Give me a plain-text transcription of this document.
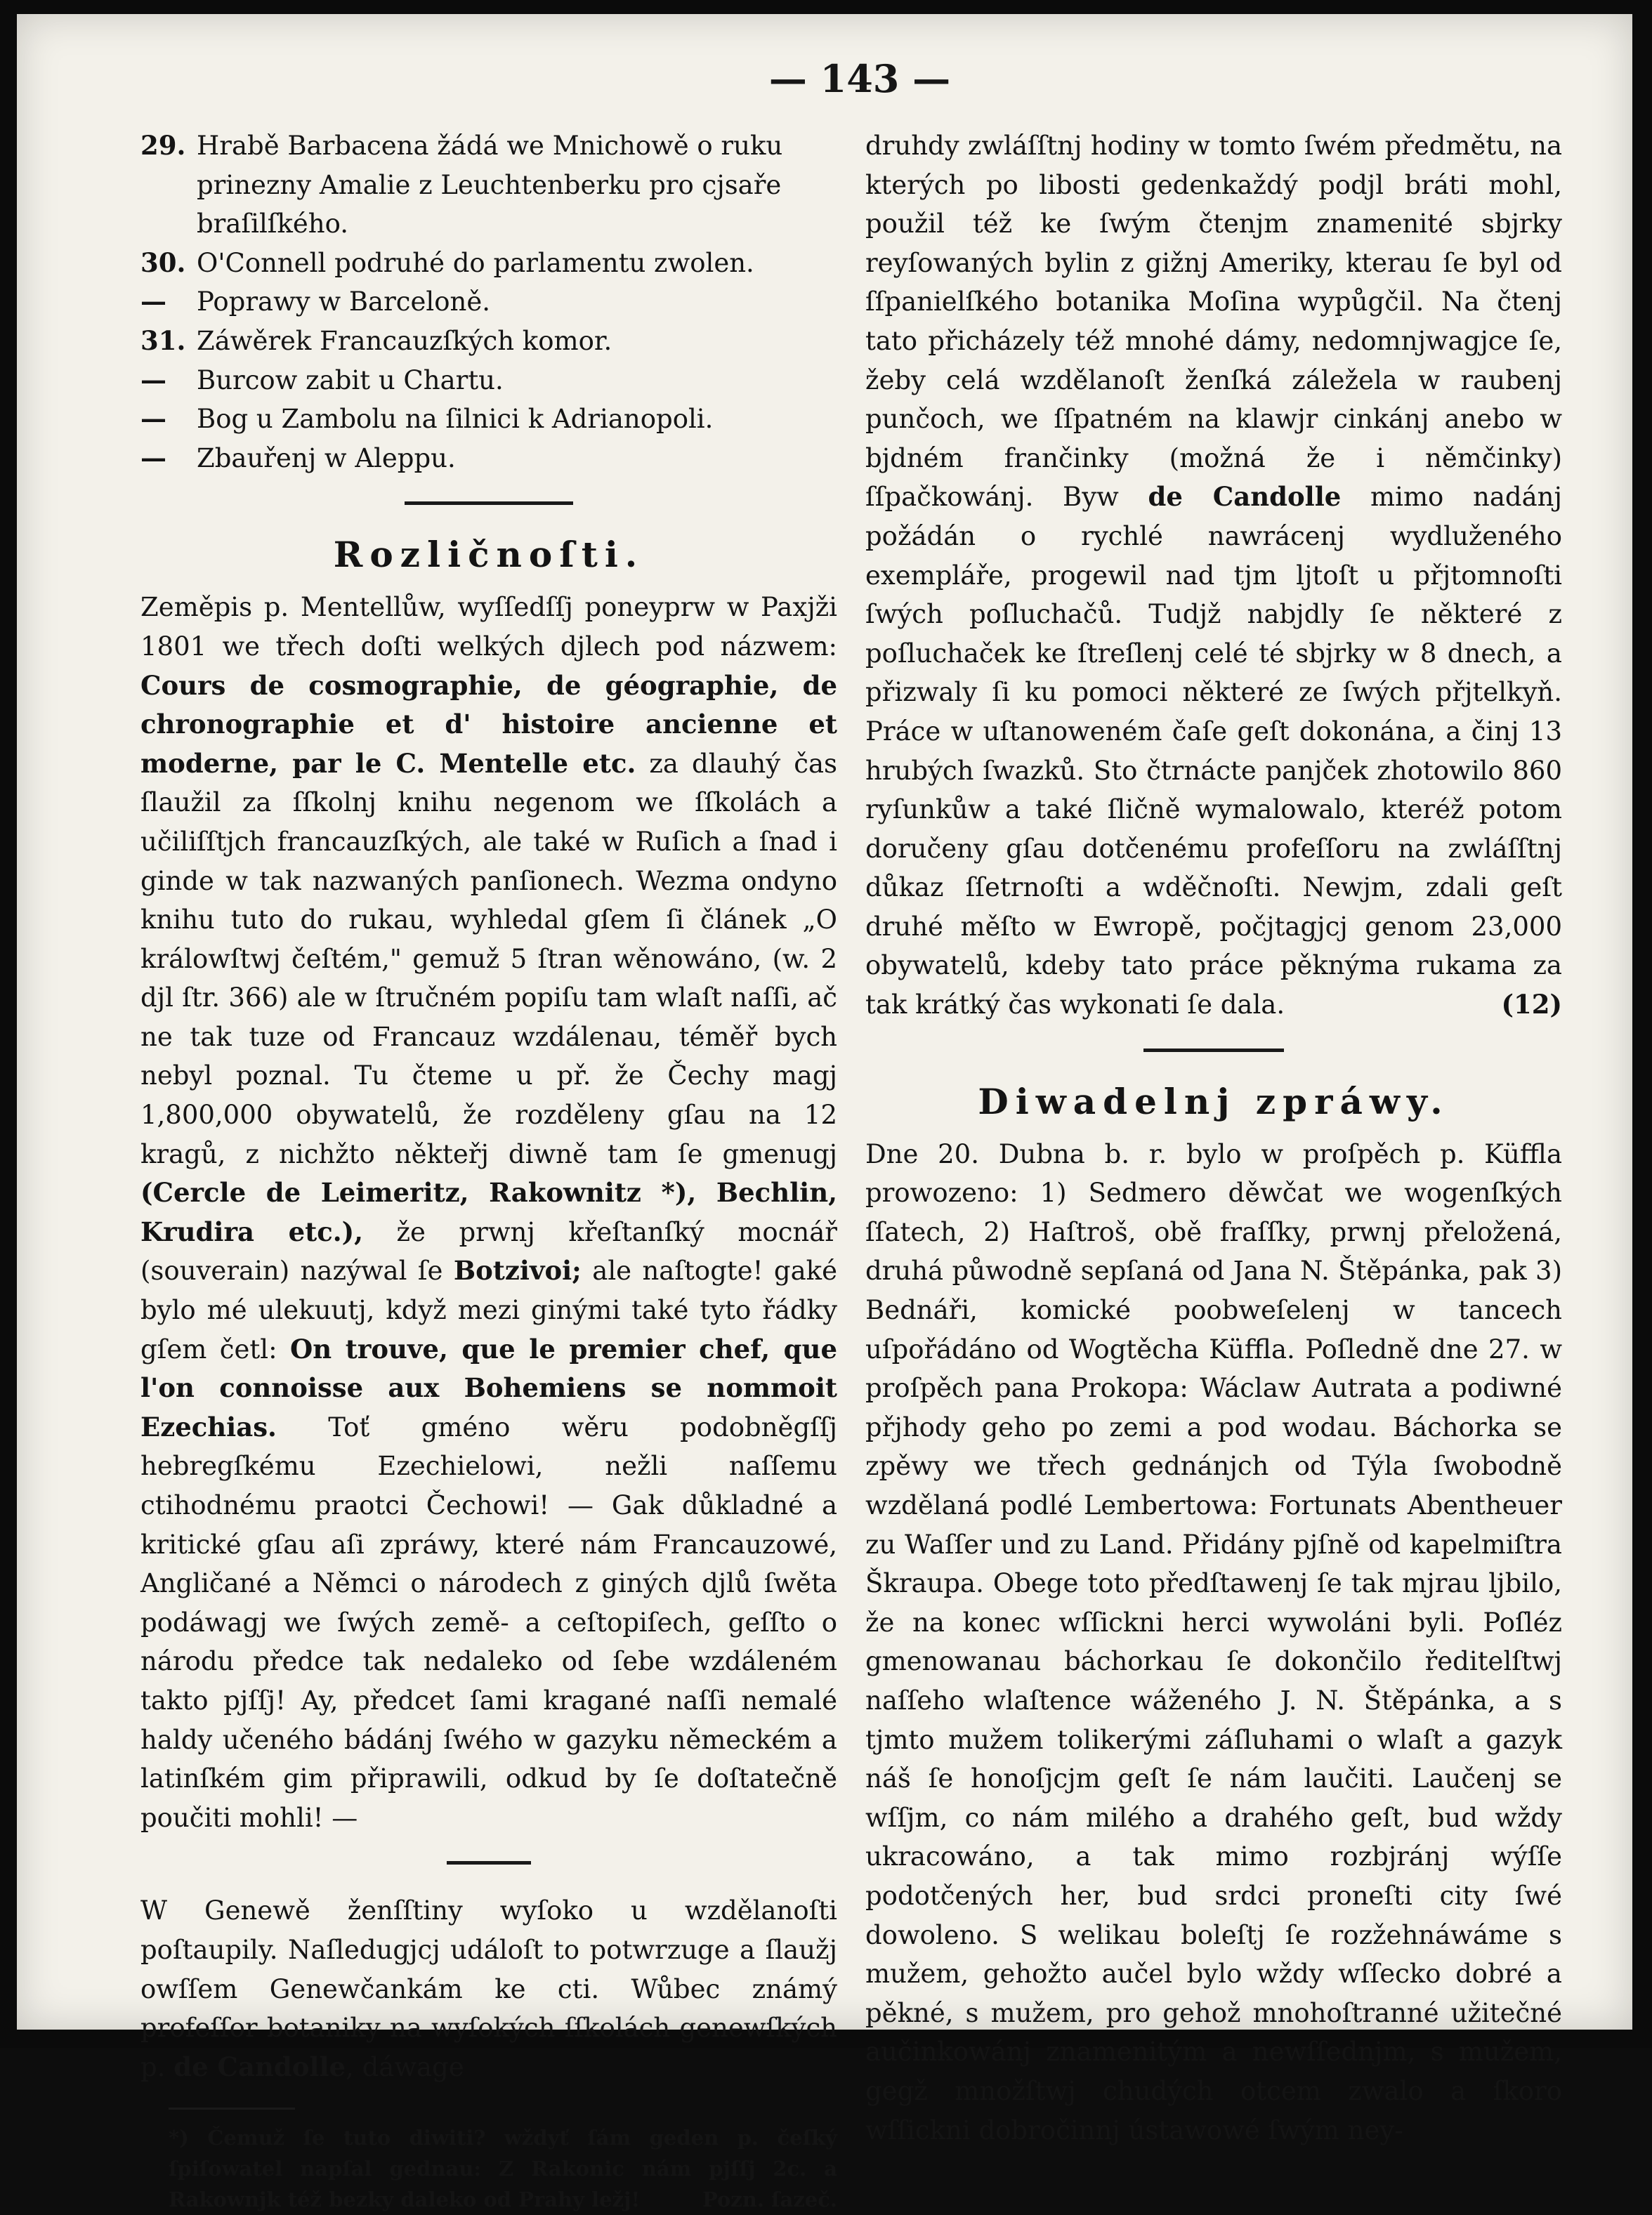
— 143 —
29. Hrabě Barbacena žádá we Mnichowě o ruku prinezny Amalie z Leuchtenberku pro cjsaře braſilſkého.
30. O'Connell podruhé do parlamentu zwolen.
—	Poprawy w Barceloně.
31. Záwěrek Francauzſkých komor.
—	Burcow zabit u Chartu.
—	Bog u Zambolu na ſilnici k Adrianopoli.
—	Zbauřenj w Aleppu.
Rozličnoſti.

Zeměpis p. Mentellůw, wyſſedſſj poneyprw w Paxjži 1801 we třech doſti welkých djlech pod názwem: Cours de cosmographie, de géographie, de chronographie et d' histoire ancienne et moderne, par le C. Mentelle etc. za dlauhý čas ſlaužil za ſſkolnj knihu negenom we ſſkolách a učiliſſtjch francauzſkých, ale také w Ruſich a ſnad i ginde w tak nazwaných panſionech. Wezma ondyno knihu tuto do rukau, wyhledal gſem ſi článek „O králowſtwj čeſtém," gemuž 5 ſtran wěnowáno, (w. 2 djl ſtr. 366) ale w ſtručném popiſu tam wlaſt naſſi, ač ne tak tuze od Francauz wzdálenau, téměř bych nebyl poznal. Tu čteme u př. že Čechy magj 1,800,000 obywatelů, že rozděleny gſau na 12 kragů, z nichžto někteřj diwně tam ſe gmenugj (Cercle de Leimeritz, Rakownitz *), Bechlin, Krudira etc.), že prwnj křeſtanſký mocnář (souverain) nazýwal ſe Botzivoi; ale naſtogte! gaké bylo mé ulekuutj, když mezi ginými také tyto řádky gſem četl: On trouve, que le premier chef, que l'on connoisse aux Bohemiens se nommoit Ezechias. Toť gméno wěru podobněgſſj hebregſkému Ezechielowi, nežli naſſemu ctihodnému praotci Čechowi! — Gak důkladné a kritické gſau aſi zpráwy, které nám Francauzowé, Angličané a Němci o národech z giných djlů ſwěta podáwagj we ſwých země- a ceſtopiſech, geſſto o národu předce tak nedaleko od ſebe wzdáleném takto pjſſj! Ay, předcet ſami kragané naſſi nemalé haldy učeného bádánj ſwého w gazyku německém a latinſkém gim připrawili, odkud by ſe doſtatečně poučiti mohli! —

W Genewě ženſſtiny wyſoko u wzdělanoſti poſtaupily. Naſledugjcj událoſt to potwrzuge a ſlaužj owſſem Genewčankám ke cti. Wůbec známý profeſſor botaniky na wyſokých ſſkolách genewſkých p. de Candolle, dáwage

*) Čemuž ſe tuto diwiti? wždyť ſám geden p. čeſký ſpiſowatel napſal gednau: Z Rakonic nám pjſſj 2c. a Rakownjk též bezky daleko od Prahy ležj!	Pozn. ſazeč.

druhdy zwláſſtnj hodiny w tomto ſwém předmětu, na kterých po libosti gedenkaždý podjl bráti mohl, použil též ke ſwým čtenjm znamenité sbjrky reyſowaných bylin z gižnj Ameriky, kterau ſe byl od ſſpanielſkého botanika Moſina wypůgčil. Na čtenj tato přicházely též mnohé dámy, nedomnjwagjce ſe, žeby celá wzdělanoſt ženſká záležela w raubenj punčoch, we ſſpatném na klawjr cinkánj anebo w bjdném frančinky (možná že i němčinky) ſſpačkowánj. Byw de Candolle mimo nadánj požádán o rychlé nawrácenj wydluženého exempláře, progewil nad tjm ljtoſt u přjtomnoſti ſwých poſluchačů. Tudjž nabjdly ſe některé z poſluchaček ke ſtreſlenj celé té sbjrky w 8 dnech, a přizwaly ſi ku pomoci některé ze ſwých přjtelkyň. Práce w uſtanoweném čaſe geſt dokonána, a činj 13 hrubých ſwazků. Sto čtrnácte panjček zhotowilo 860 ryſunkůw a také ſličně wymalowalo, kteréž potom doručeny gſau dotčenému profeſſoru na zwláſſtnj důkaz ſſetrnoſti a wděčnoſti. Newjm, zdali geſt druhé měſto w Ewropě, počjtagjcj genom 23,000 obywatelů, kdeby tato práce pěknýma rukama za tak krátký čas wykonati ſe dala.	(12)

Diwadelnj zpráwy.

Dne 20. Dubna b. r. bylo w proſpěch p. Küffla prowozeno: 1) Sedmero děwčat we wogenſkých ſſatech, 2) Haſtroš, obě fraſſky, prwnj přeložená, druhá půwodně sepſaná od Jana N. Štěpánka, pak 3) Bednáři, komické poobweſelenj w tancech uſpořádáno od Wogtěcha Küffla. Poſledně dne 27. w proſpěch pana Prokopa: Wáclaw Autrata a podiwné přjhody geho po zemi a pod wodau. Báchorka se zpěwy we třech gednánjch od Týla ſwobodně wzdělaná podlé Lembertowa: Fortunats Abentheuer zu Waſſer und zu Land. Přidány pjſně od kapelmiſtra Škraupa. Obege toto předſtawenj ſe tak mjrau ljbilo, že na konec wſſickni herci wywoláni byli. Poſléz gmenowanau báchorkau ſe dokončilo ředitelſtwj naſſeho wlaſtence wáženého J. N. Štěpánka, a s tjmto mužem tolikerými záſluhami o wlaſt a gazyk náš ſe honoſjcjm geſt ſe nám laučiti. Laučenj se wſſjm, co nám milého a drahého geſt, bud wždy ukracowáno, a tak mimo rozbjránj wýſſe podotčených her, bud srdci proneſti city ſwé dowoleno. S welikau boleſtj ſe rozžehnáwáme s mužem, gehožto aučel bylo wždy wſſecko dobré a pěkné, s mužem, pro gehož mnohoſtranné užitečné aučinkowánj znamenitým a newſſednjm, s mužem, gegž množſtwj chudých otcem zwalo a ſkoro wſſickni dobročinnj ústawowé ſwým ney-
